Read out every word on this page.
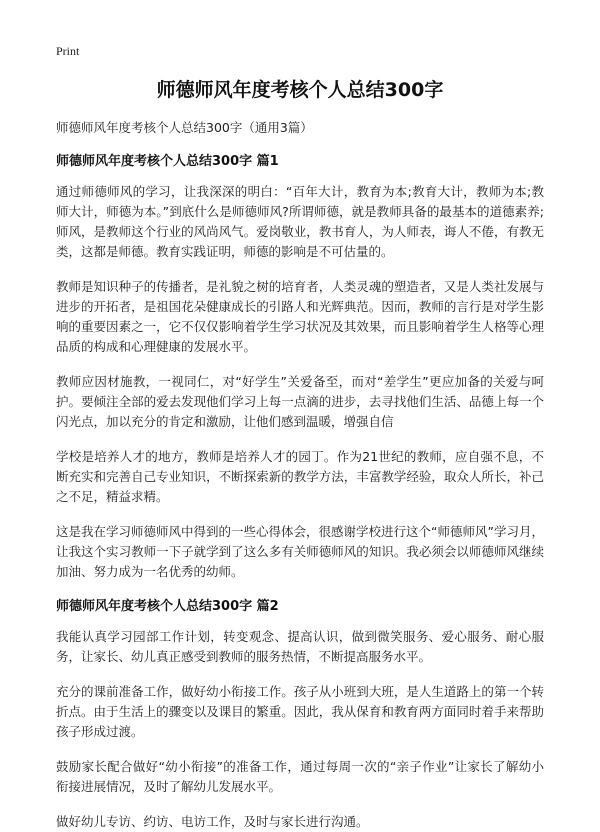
Print
师德师风年度考核个人总结300字
师德师风年度考核个人总结300字（通用3篇）
师德师风年度考核个人总结300字 篇1

通过师德师风的学习，让我深深的明白：“百年大计，教育为本;教育大计，教师为本;教师大计，师德为本。”到底什么是师德师风?所谓师德，就是教师具备的最基本的道德素养;师风，是教师这个行业的风尚风气。爱岗敬业，教书育人，为人师表，诲人不倦，有教无类，这都是师德。教育实践证明，师德的影响是不可估量的。

教师是知识种子的传播者，是礼貌之树的培育者，人类灵魂的塑造者，又是人类社发展与进步的开拓者，是祖国花朵健康成长的引路人和光辉典范。因而，教师的言行是对学生影响的重要因素之一，它不仅仅影响着学生学习状况及其效果，而且影响着学生人格等心理品质的构成和心理健康的发展水平。

教师应因材施教，一视同仁，对“好学生”关爱备至，而对“差学生”更应加备的关爱与呵护。要倾注全部的爱去发现他们学习上每一点滴的进步，去寻找他们生活、品德上每一个闪光点，加以充分的肯定和激励，让他们感到温暖，增强自信

学校是培养人才的地方，教师是培养人才的园丁。作为21世纪的教师，应自强不息，不断充实和完善自己专业知识，不断探索新的教学方法，丰富教学经验，取众人所长，补己之不足，精益求精。

这是我在学习师德师风中得到的一些心得体会，很感谢学校进行这个“师德师风”学习月，让我这个实习教师一下子就学到了这么多有关师德师风的知识。我必须会以师德师风继续加油、努力成为一名优秀的幼师。

师德师风年度考核个人总结300字 篇2

我能认真学习园部工作计划，转变观念、提高认识，做到微笑服务、爱心服务、耐心服务，让家长、幼儿真正感受到教师的服务热情，不断提高服务水平。

充分的课前准备工作，做好幼小衔接工作。孩子从小班到大班，是人生道路上的第一个转折点。由于生活上的骤变以及课目的繁重。因此，我从保育和教育两方面同时着手来帮助孩子形成过渡。

鼓励家长配合做好“幼小衔接”的准备工作，通过每周一次的“亲子作业”让家长了解幼小衔接进展情况，及时了解幼儿发展水平。

做好幼儿专访、约访、电访工作，及时与家长进行沟通。
